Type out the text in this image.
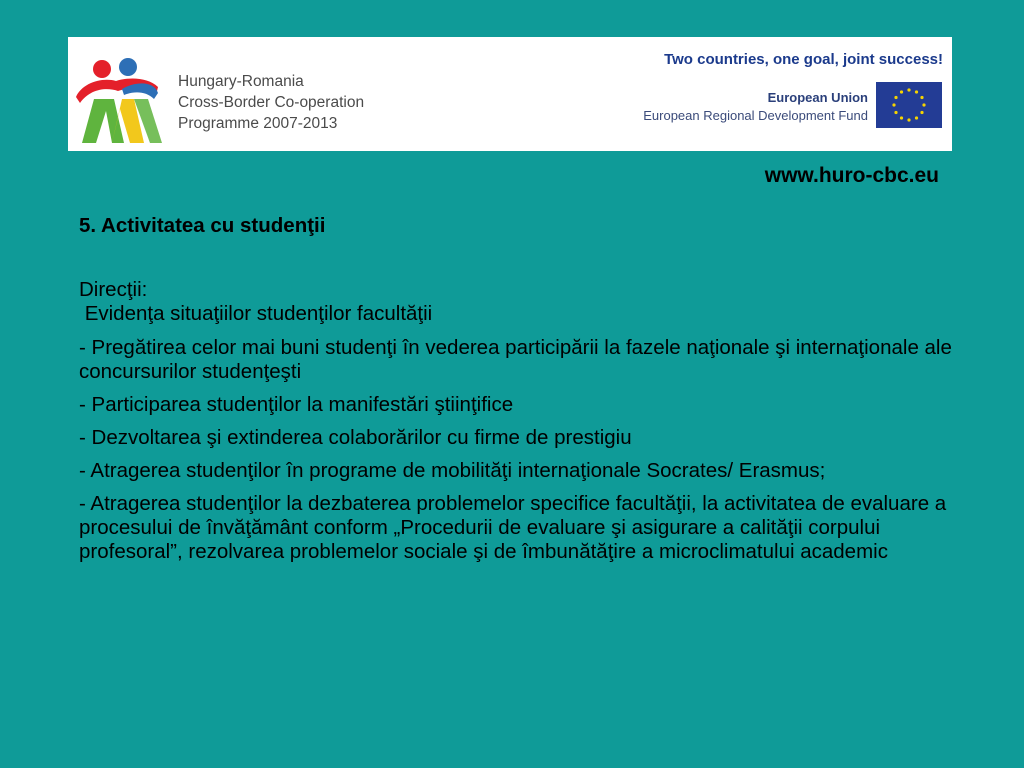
Hungary-Romania
Cross-Border Co-operation
Programme 2007-2013
Two countries, one goal, joint success!
European Union
European Regional Development Fund
www.huro-cbc.eu

5. Activitatea cu studenţii

Direcţii:

Evidenţa situaţiilor studenţilor facultăţii

- Pregătirea celor mai buni studenţi în vederea participării la fazele naţionale şi internaţionale ale concursurilor studenţeşti

- Participarea studenţilor la manifestări ştiinţifice

- Dezvoltarea şi extinderea colaborărilor cu firme de prestigiu

- Atragerea studenţilor în programe de mobilităţi internaţionale Socrates/ Erasmus;

- Atragerea studenţilor la dezbaterea problemelor specifice facultăţii, la activitatea de evaluare a procesului de învăţământ conform „Procedurii de evaluare şi asigurare a calităţii corpului profesoral”, rezolvarea problemelor sociale şi de îmbunătăţire a microclimatului academic
